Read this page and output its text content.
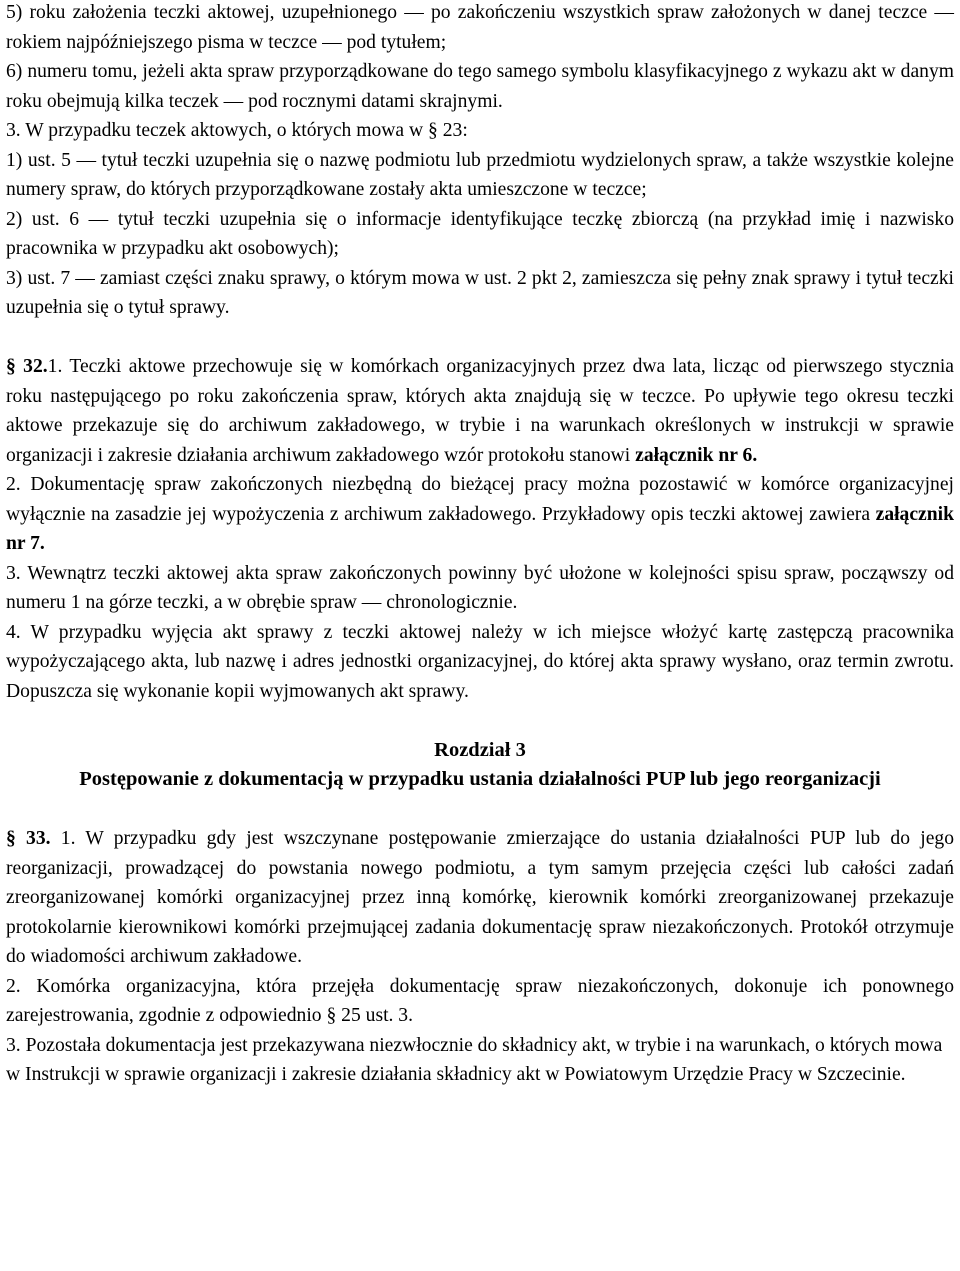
5) roku założenia teczki aktowej, uzupełnionego — po zakończeniu wszystkich spraw założonych w danej teczce — rokiem najpóźniejszego pisma w teczce — pod tytułem;

6) numeru tomu, jeżeli akta spraw przyporządkowane do tego samego symbolu klasyfikacyjnego z wykazu akt w danym roku obejmują kilka teczek — pod rocznymi datami skrajnymi.

3. W przypadku teczek aktowych, o których mowa w § 23:

1) ust. 5 — tytuł teczki uzupełnia się o nazwę podmiotu lub przedmiotu wydzielonych spraw, a także wszystkie kolejne numery spraw, do których przyporządkowane zostały akta umieszczone w teczce;

2) ust. 6 — tytuł teczki uzupełnia się o informacje identyfikujące teczkę zbiorczą (na przykład imię i nazwisko pracownika w przypadku akt osobowych);

3) ust. 7 — zamiast części znaku sprawy, o którym mowa w ust. 2 pkt 2, zamieszcza się pełny znak sprawy i tytuł teczki uzupełnia się o tytuł sprawy.

§ 32.1. Teczki aktowe przechowuje się w komórkach organizacyjnych przez dwa lata, licząc od pierwszego stycznia roku następującego po roku zakończenia spraw, których akta znajdują się w teczce. Po upływie tego okresu teczki aktowe przekazuje się do archiwum zakładowego, w trybie i na warunkach określonych w instrukcji w sprawie organizacji i zakresie działania archiwum zakładowego wzór protokołu stanowi załącznik nr 6.

2. Dokumentację spraw zakończonych niezbędną do bieżącej pracy można pozostawić w komórce organizacyjnej wyłącznie na zasadzie jej wypożyczenia z archiwum zakładowego. Przykładowy opis teczki aktowej zawiera załącznik nr 7.

3. Wewnątrz teczki aktowej akta spraw zakończonych powinny być ułożone w kolejności spisu spraw, począwszy od numeru 1 na górze teczki, a w obrębie spraw — chronologicznie.

4. W przypadku wyjęcia akt sprawy z teczki aktowej należy w ich miejsce włożyć kartę zastępczą pracownika wypożyczającego akta, lub nazwę i adres jednostki organizacyjnej, do której akta sprawy wysłano, oraz termin zwrotu. Dopuszcza się wykonanie kopii wyjmowanych akt sprawy.

Rozdział 3

Postępowanie z dokumentacją w przypadku ustania działalności PUP lub jego reorganizacji

§ 33. 1. W przypadku gdy jest wszczynane postępowanie zmierzające do ustania działalności PUP lub do jego reorganizacji, prowadzącej do powstania nowego podmiotu, a tym samym przejęcia części lub całości zadań zreorganizowanej komórki organizacyjnej przez inną komórkę, kierownik komórki zreorganizowanej przekazuje protokolarnie kierownikowi komórki przejmującej zadania dokumentację spraw niezakończonych. Protokół otrzymuje do wiadomości archiwum zakładowe.

2. Komórka organizacyjna, która przejęła dokumentację spraw niezakończonych, dokonuje ich ponownego zarejestrowania, zgodnie z odpowiednio § 25 ust. 3.

3. Pozostała dokumentacja jest przekazywana niezwłocznie do składnicy akt, w trybie i na warunkach, o których mowa w Instrukcji w sprawie organizacji i zakresie działania składnicy akt w Powiatowym Urzędzie Pracy w Szczecinie.
